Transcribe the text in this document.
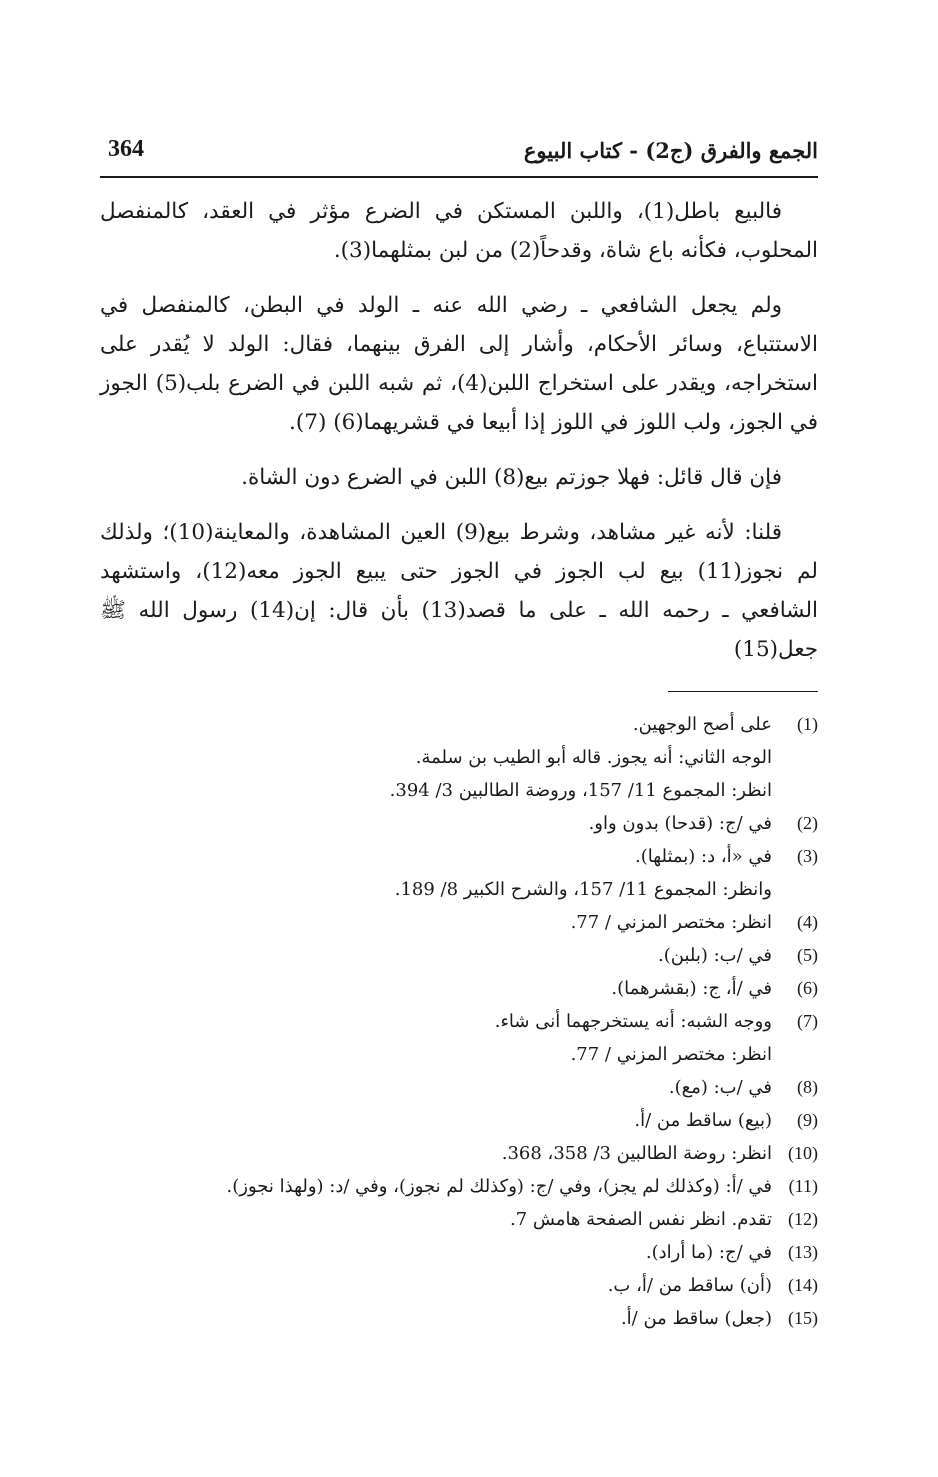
الجمع والفرق (ج2) - كتاب البيوع
364

فالبيع باطل(1)، واللبن المستكن في الضرع مؤثر في العقد، كالمنفصل المحلوب، فكأنه باع شاة، وقدحاً(2) من لبن بمثلهما(3).

ولم يجعل الشافعي ـ رضي الله عنه ـ الولد في البطن، كالمنفصل في الاستتباع، وسائر الأحكام، وأشار إلى الفرق بينهما، فقال: الولد لا يُقدر على استخراجه، ويقدر على استخراج اللبن(4)، ثم شبه اللبن في الضرع بلب(5) الجوز في الجوز، ولب اللوز في اللوز إذا أبيعا في قشريهما(6) (7).

فإن قال قائل: فهلا جوزتم بيع(8) اللبن في الضرع دون الشاة.

قلنا: لأنه غير مشاهد، وشرط بيع(9) العين المشاهدة، والمعاينة(10)؛ ولذلك لم نجوز(11) بيع لب الجوز في الجوز حتى يبيع الجوز معه(12)، واستشهد الشافعي ـ رحمه الله ـ على ما قصد(13) بأن قال: إن(14) رسول الله ﷺ جعل(15)

(1)
على أصح الوجهين.
الوجه الثاني: أنه يجوز. قاله أبو الطيب بن سلمة.
انظر: المجموع 11/ 157، وروضة الطالبين 3/ 394.
(2)
في /ج: (قدحا) بدون واو.
(3)
في «أ، د: (بمثلها).
وانظر: المجموع 11/ 157، والشرح الكبير 8/ 189.
(4)
انظر: مختصر المزني / 77.
(5)
في /ب: (بلبن).
(6)
في /أ، ج: (بقشرهما).
(7)
ووجه الشبه: أنه يستخرجهما أنى شاء.
انظر: مختصر المزني / 77.
(8)
في /ب: (مع).
(9)
(بيع) ساقط من /أ.
(10)
انظر: روضة الطالبين 3/ 358، 368.
(11)
في /أ: (وكذلك لم يجز)، وفي /ج: (وكذلك لم نجوز)، وفي /د: (ولهذا نجوز).
(12)
تقدم. انظر نفس الصفحة هامش 7.
(13)
في /ج: (ما أراد).
(14)
(أن) ساقط من /أ، ب.
(15)
(جعل) ساقط من /أ.
